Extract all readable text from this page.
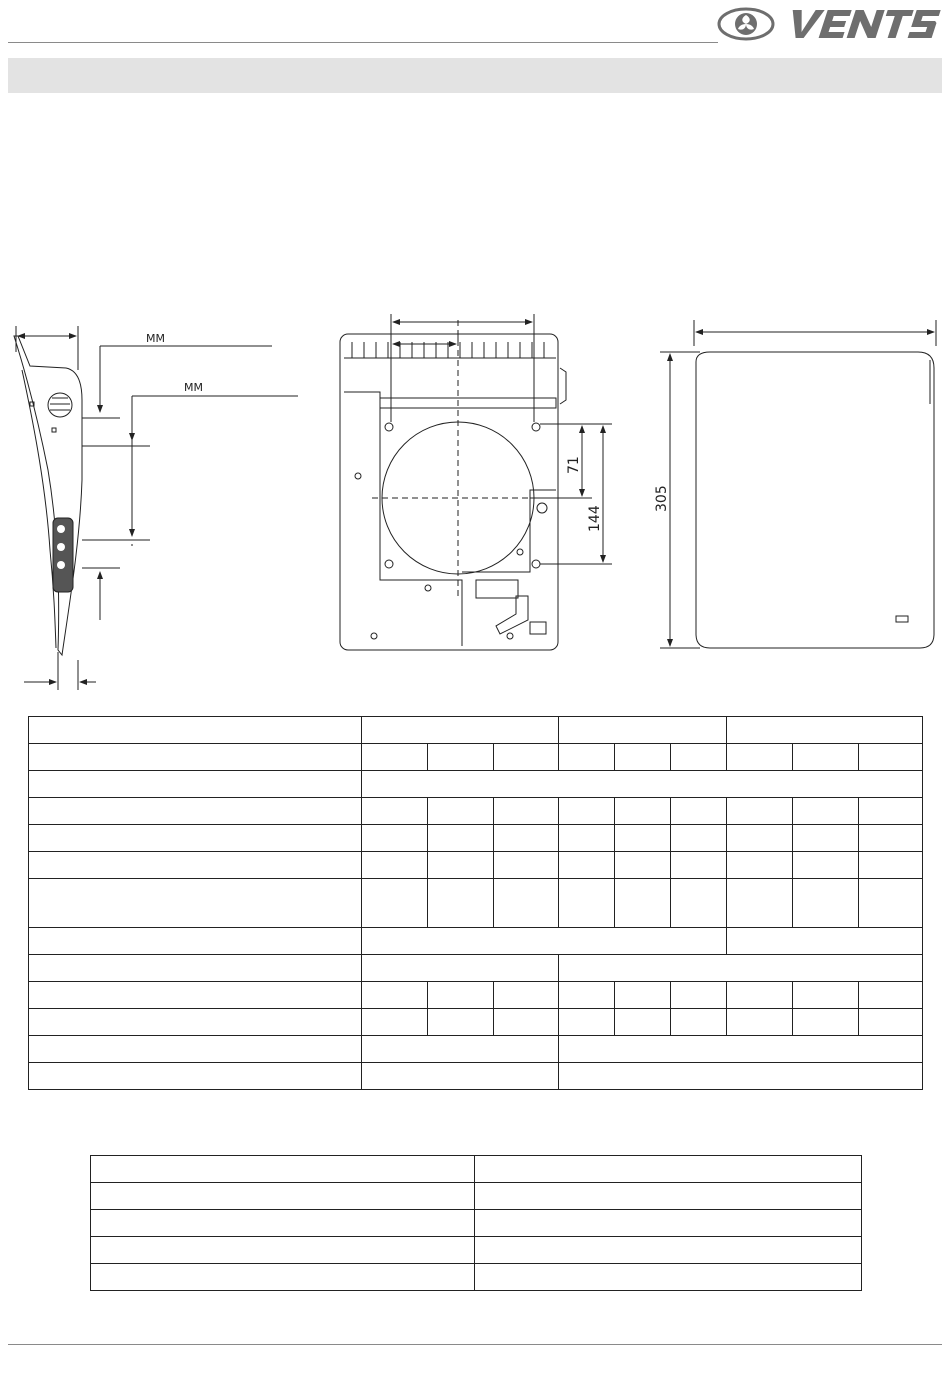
MM
MM
71
144
305
